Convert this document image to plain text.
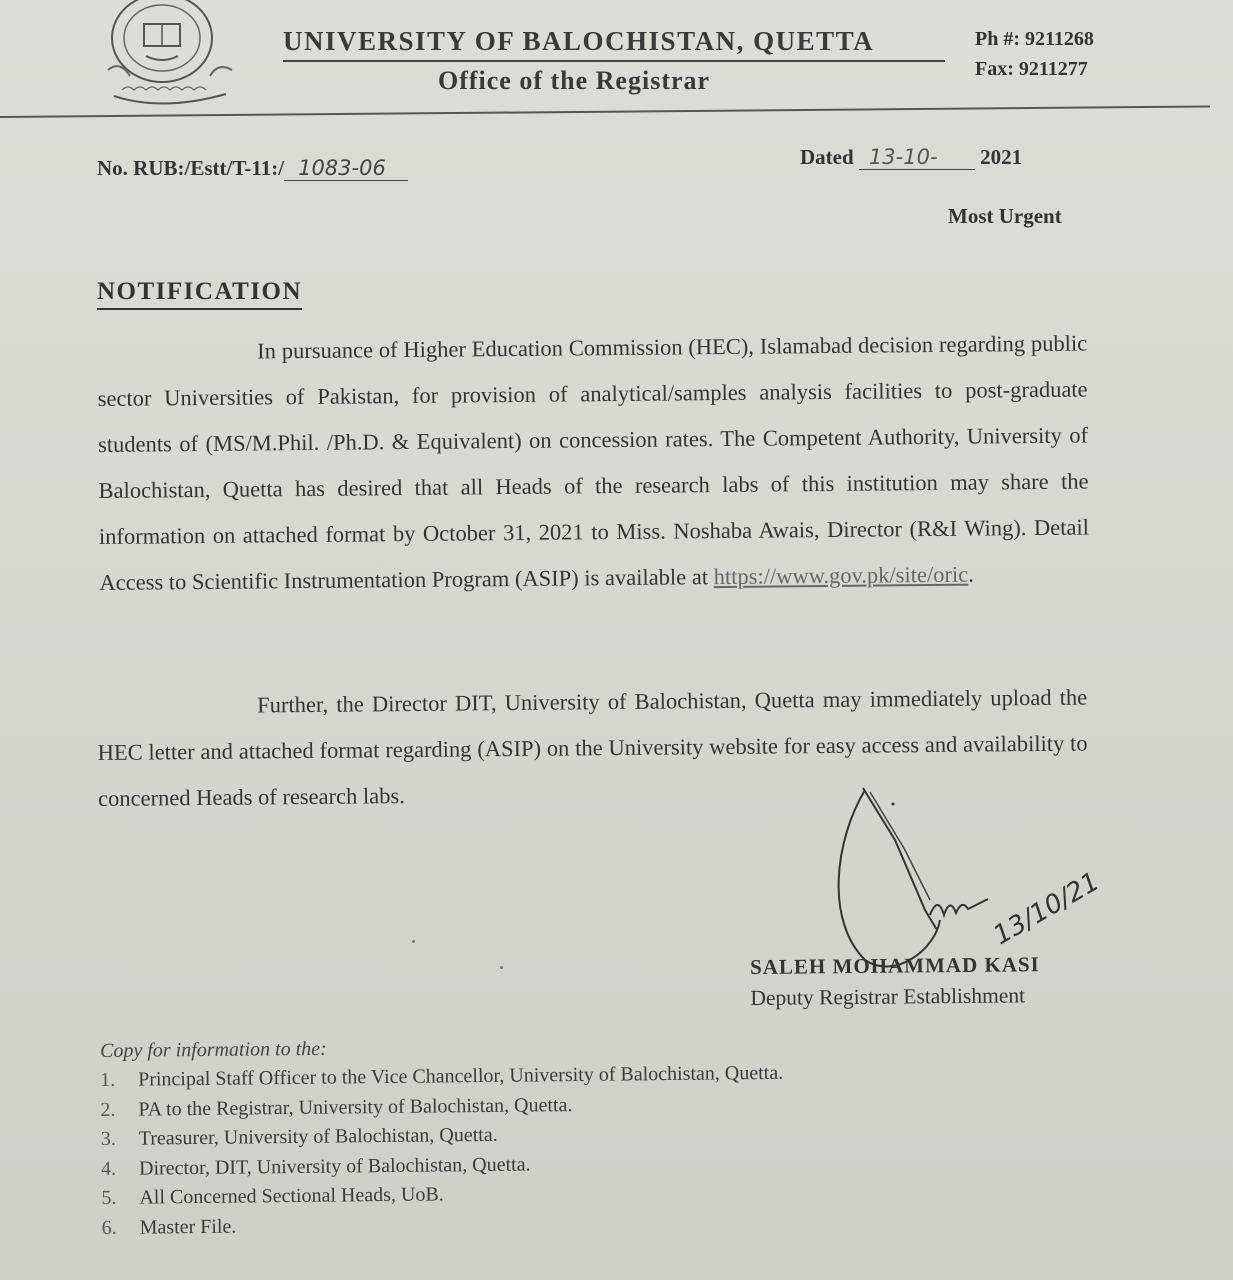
UNIVERSITY OF BALOCHISTAN, QUETTA
Office of the Registrar
Ph #: 9211268
Fax: 9211277
No. RUB:/Estt/T-11:/ 1083-06	Dated 13-10- 2021
Most Urgent
NOTIFICATION
In pursuance of Higher Education Commission (HEC), Islamabad decision regarding public sector Universities of Pakistan, for provision of analytical/samples analysis facilities to post-graduate students of (MS/M.Phil. /Ph.D. & Equivalent) on concession rates. The Competent Authority, University of Balochistan, Quetta has desired that all Heads of the research labs of this institution may share the information on attached format by October 31, 2021 to Miss. Noshaba Awais, Director (R&I Wing). Detail Access to Scientific Instrumentation Program (ASIP) is available at https://www.gov.pk/site/oric.
Further, the Director DIT, University of Balochistan, Quetta may immediately upload the HEC letter and attached format regarding (ASIP) on the University website for easy access and availability to concerned Heads of research labs.
13/10/21
SALEH MOHAMMAD KASI
Deputy Registrar Establishment
Copy for information to the:
1. Principal Staff Officer to the Vice Chancellor, University of Balochistan, Quetta.
2. PA to the Registrar, University of Balochistan, Quetta.
3. Treasurer, University of Balochistan, Quetta.
4. Director, DIT, University of Balochistan, Quetta.
5. All Concerned Sectional Heads, UoB.
6. Master File.
